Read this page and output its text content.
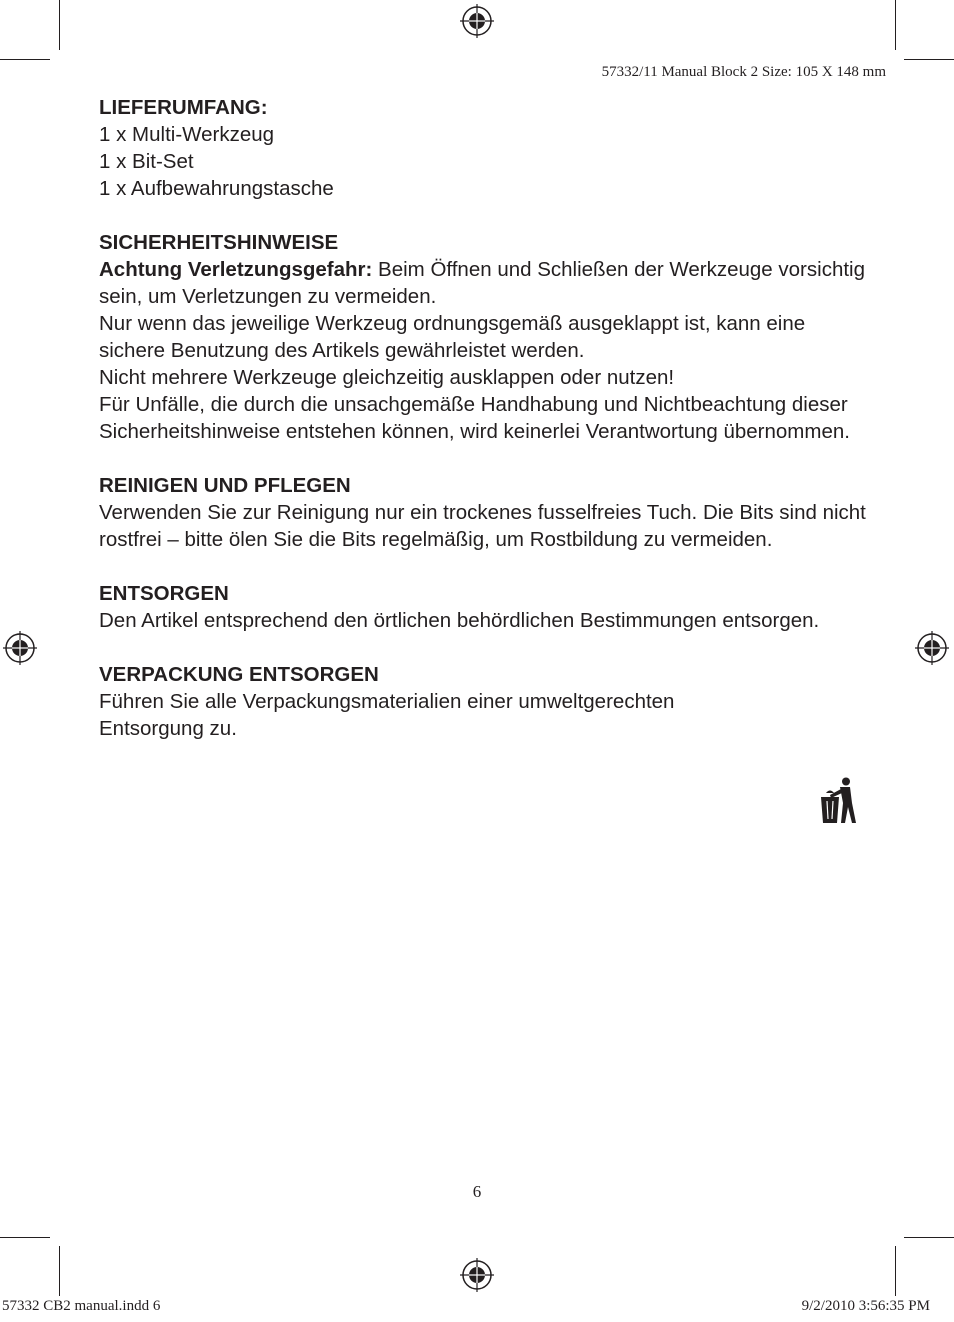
57332/11 Manual Block 2 Size: 105 X 148 mm
LIEFERUMFANG:
1 x Multi-Werkzeug
1 x Bit-Set
1 x Aufbewahrungstasche
SICHERHEITSHINWEISE
Achtung Verletzungsgefahr: Beim Öffnen und Schließen der Werkzeuge vorsichtig sein, um Verletzungen zu vermeiden.
Nur wenn das jeweilige Werkzeug ordnungsgemäß ausgeklappt ist, kann eine sichere Benutzung des Artikels gewährleistet werden.
Nicht mehrere Werkzeuge gleichzeitig ausklappen oder nutzen!
Für Unfälle, die durch die unsachgemäße Handhabung und Nichtbeachtung dieser Sicherheitshinweise entstehen können, wird keinerlei Verantwortung übernommen.
REINIGEN UND PFLEGEN
Verwenden Sie zur Reinigung nur ein trockenes fusselfreies Tuch. Die Bits sind nicht rostfrei – bitte ölen Sie die Bits regelmäßig, um Rostbildung zu vermeiden.
ENTSORGEN
Den Artikel entsprechend den örtlichen behördlichen Bestimmungen entsorgen.
VERPACKUNG ENTSORGEN
Führen Sie alle Verpackungsmaterialien einer umweltgerechten
Entsorgung zu.
6
57332 CB2 manual.indd 6	9/2/2010 3:56:35 PM
